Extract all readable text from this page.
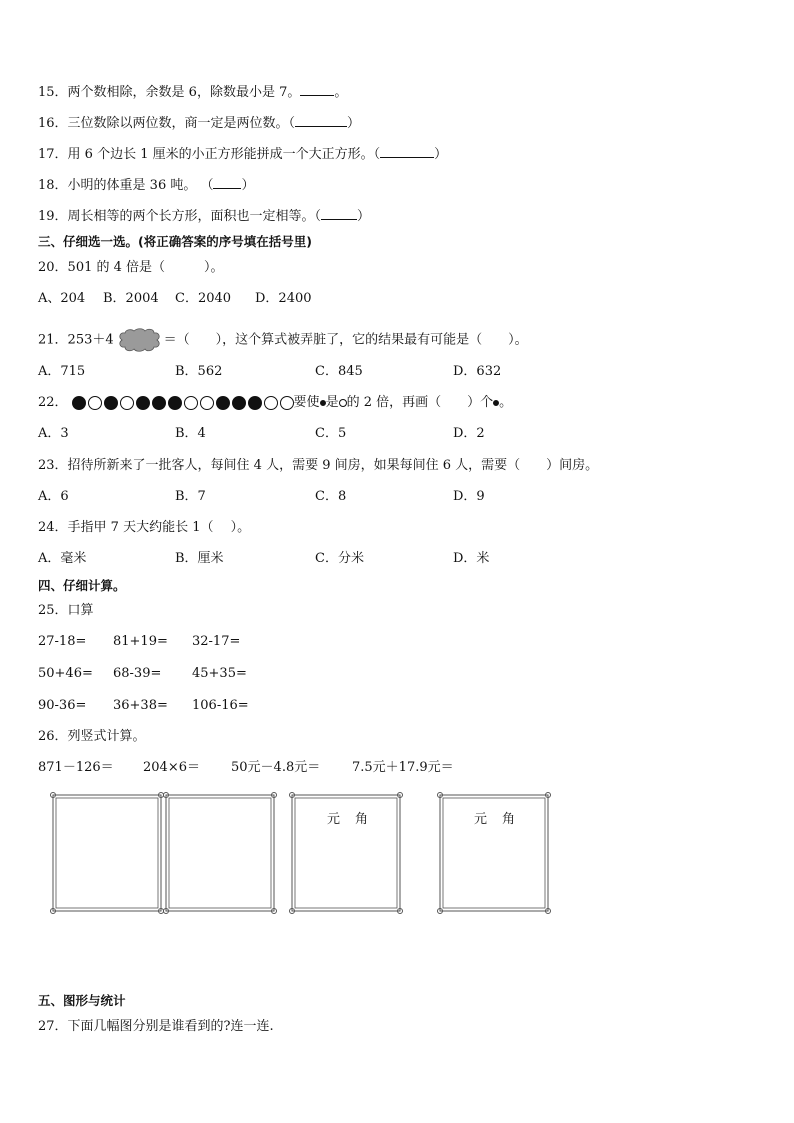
15．两个数相除，余数是 6，除数最小是 7。	。
16．三位数除以两位数，商一定是两位数。（	）
17．用 6 个边长 1 厘米的小正方形能拼成一个大正方形。（	）
18．小明的体重是 36 吨。 （ ）
19．周长相等的两个长方形，面积也一定相等。（	）
三、仔细选一选。(将正确答案的序号填在括号里)
20．501 的 4 倍是（　　　）。
A、204 B．2004 C．2040 D．2400
21．253＋4	＝（　　），这个算式被弄脏了，它的结果最有可能是（　　）。
A．715	B．562	C．845	D．632
22．	要使 是 的 2 倍，再画（　　）个 。
A．3	B．4	C．5	D．2
23．招待所新来了一批客人，每间住 4 人，需要 9 间房，如果每间住 6 人，需要（　　）间房。
A．6	B．7	C．8	D．9
24．手指甲 7 天大约能长 1（　 ）。
A．毫米	B．厘米	C．分米	D．米
四、仔细计算。
25．口算
27-18= 81+19= 32-17=
50+46= 68-39= 45+35=
90-36= 36+38= 106-16=
26．列竖式计算。
871－126＝ 204×6＝ 50元－4.8元＝ 7.5元＋17.9元＝
元 角	元 角
五、图形与统计
27．下面几幅图分别是谁看到的?连一连.
